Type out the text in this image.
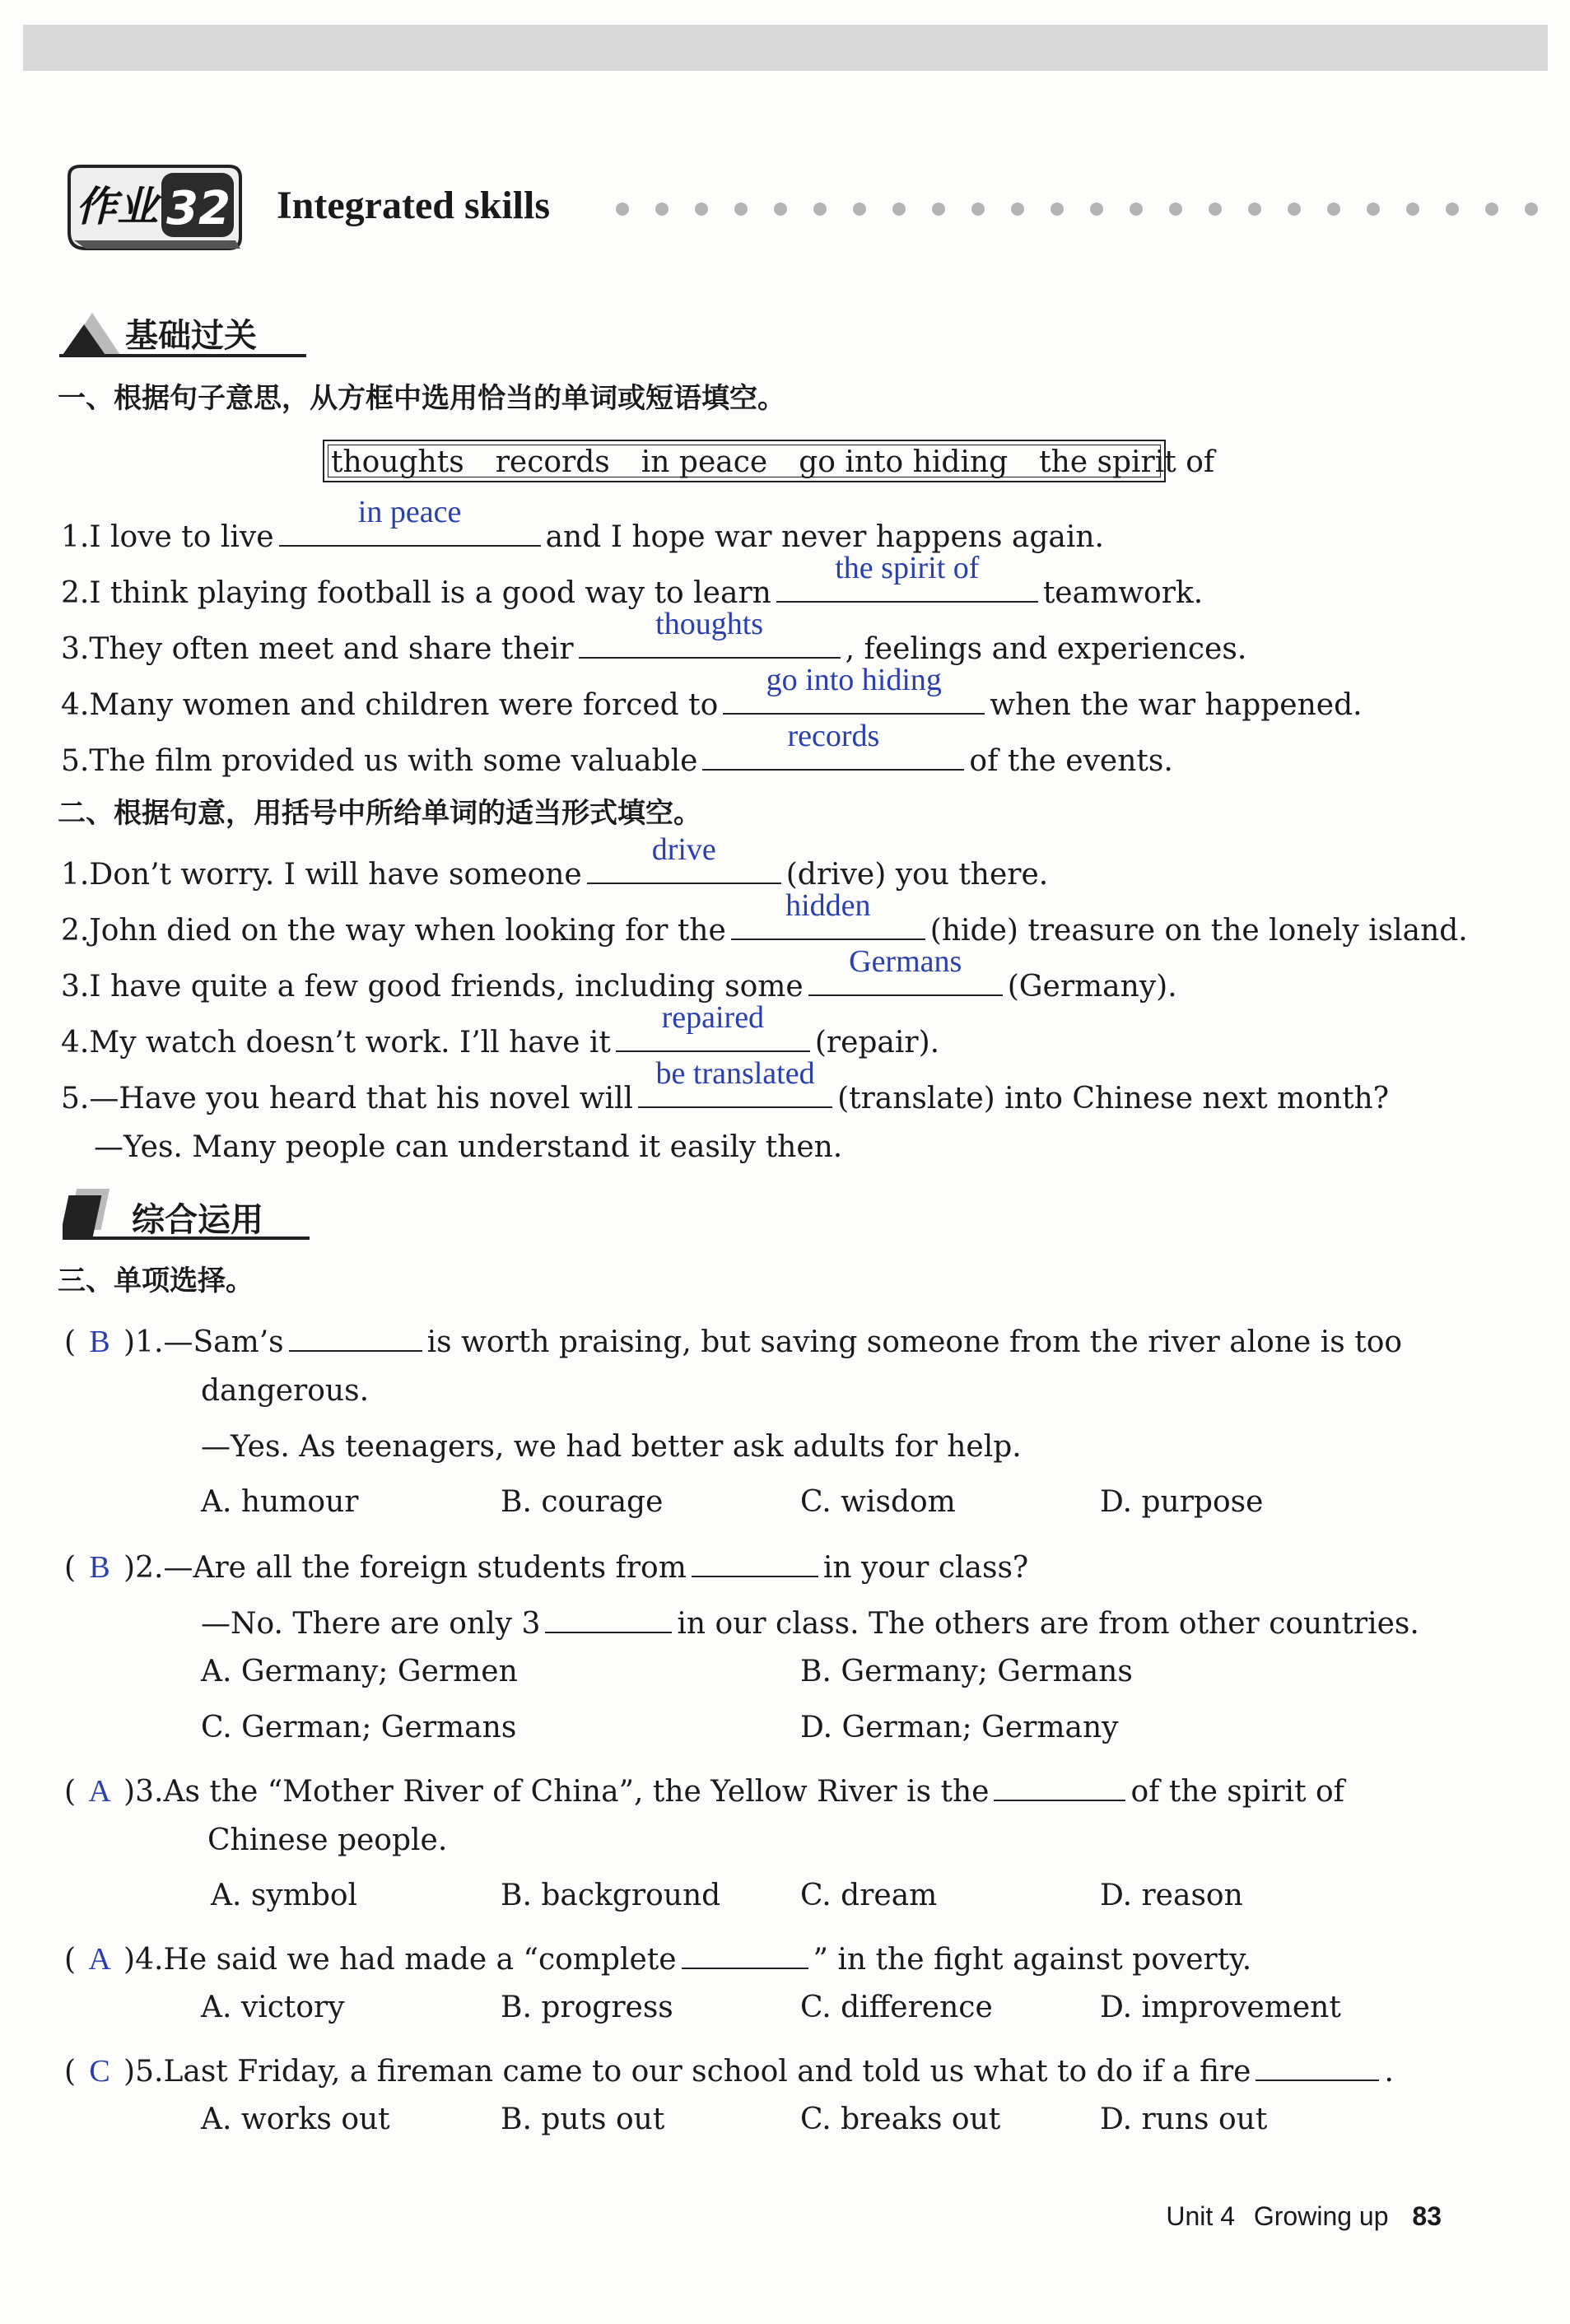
作业 32 Integrated skills
基础过关
一、根据句子意思，从方框中选用恰当的单词或短语填空。
thoughts records in peace go into hiding the spirit of
1.I love to live
in peace
and I hope war never happens again.
2.I think playing football is a good way to learn
the spirit of
teamwork.
3.They often meet and share their
thoughts
, feelings and experiences.
4.Many women and children were forced to
go into hiding
when the war happened.
5.The film provided us with some valuable
records
of the events.
二、根据句意，用括号中所给单词的适当形式填空。
1.Don’t worry. I will have someone
drive
(drive) you there.
2.John died on the way when looking for the
hidden
(hide) treasure on the lonely island.
3.I have quite a few good friends, including some
Germans
(Germany).
4.My watch doesn’t work. I’ll have it
repaired
(repair).
5.—Have you heard that his novel will
be translated
(translate) into Chinese next month?
—Yes. Many people can understand it easily then.
综合运用
三、单项选择。
( B )1.—Sam’s	is worth praising, but saving someone from the river alone is too
dangerous.
—Yes. As teenagers, we had better ask adults for help.
A. humour	B. courage	C. wisdom	D. purpose
( B )2.—Are all the foreign students from	in your class?
—No. There are only 3	in our class. The others are from other countries.
A. Germany; Germen	B. Germany; Germans
C. German; Germans	D. German; Germany
( A )3.As the “Mother River of China”, the Yellow River is the	of the spirit of
Chinese people.
A. symbol	B. background	C. dream	D. reason
( A )4.He said we had made a “complete	” in the fight against poverty.
A. victory	B. progress	C. difference	D. improvement
( C )5.Last Friday, a fireman came to our school and told us what to do if a fire	.
A. works out	B. puts out	C. breaks out	D. runs out
Unit 4 Growing up 83
